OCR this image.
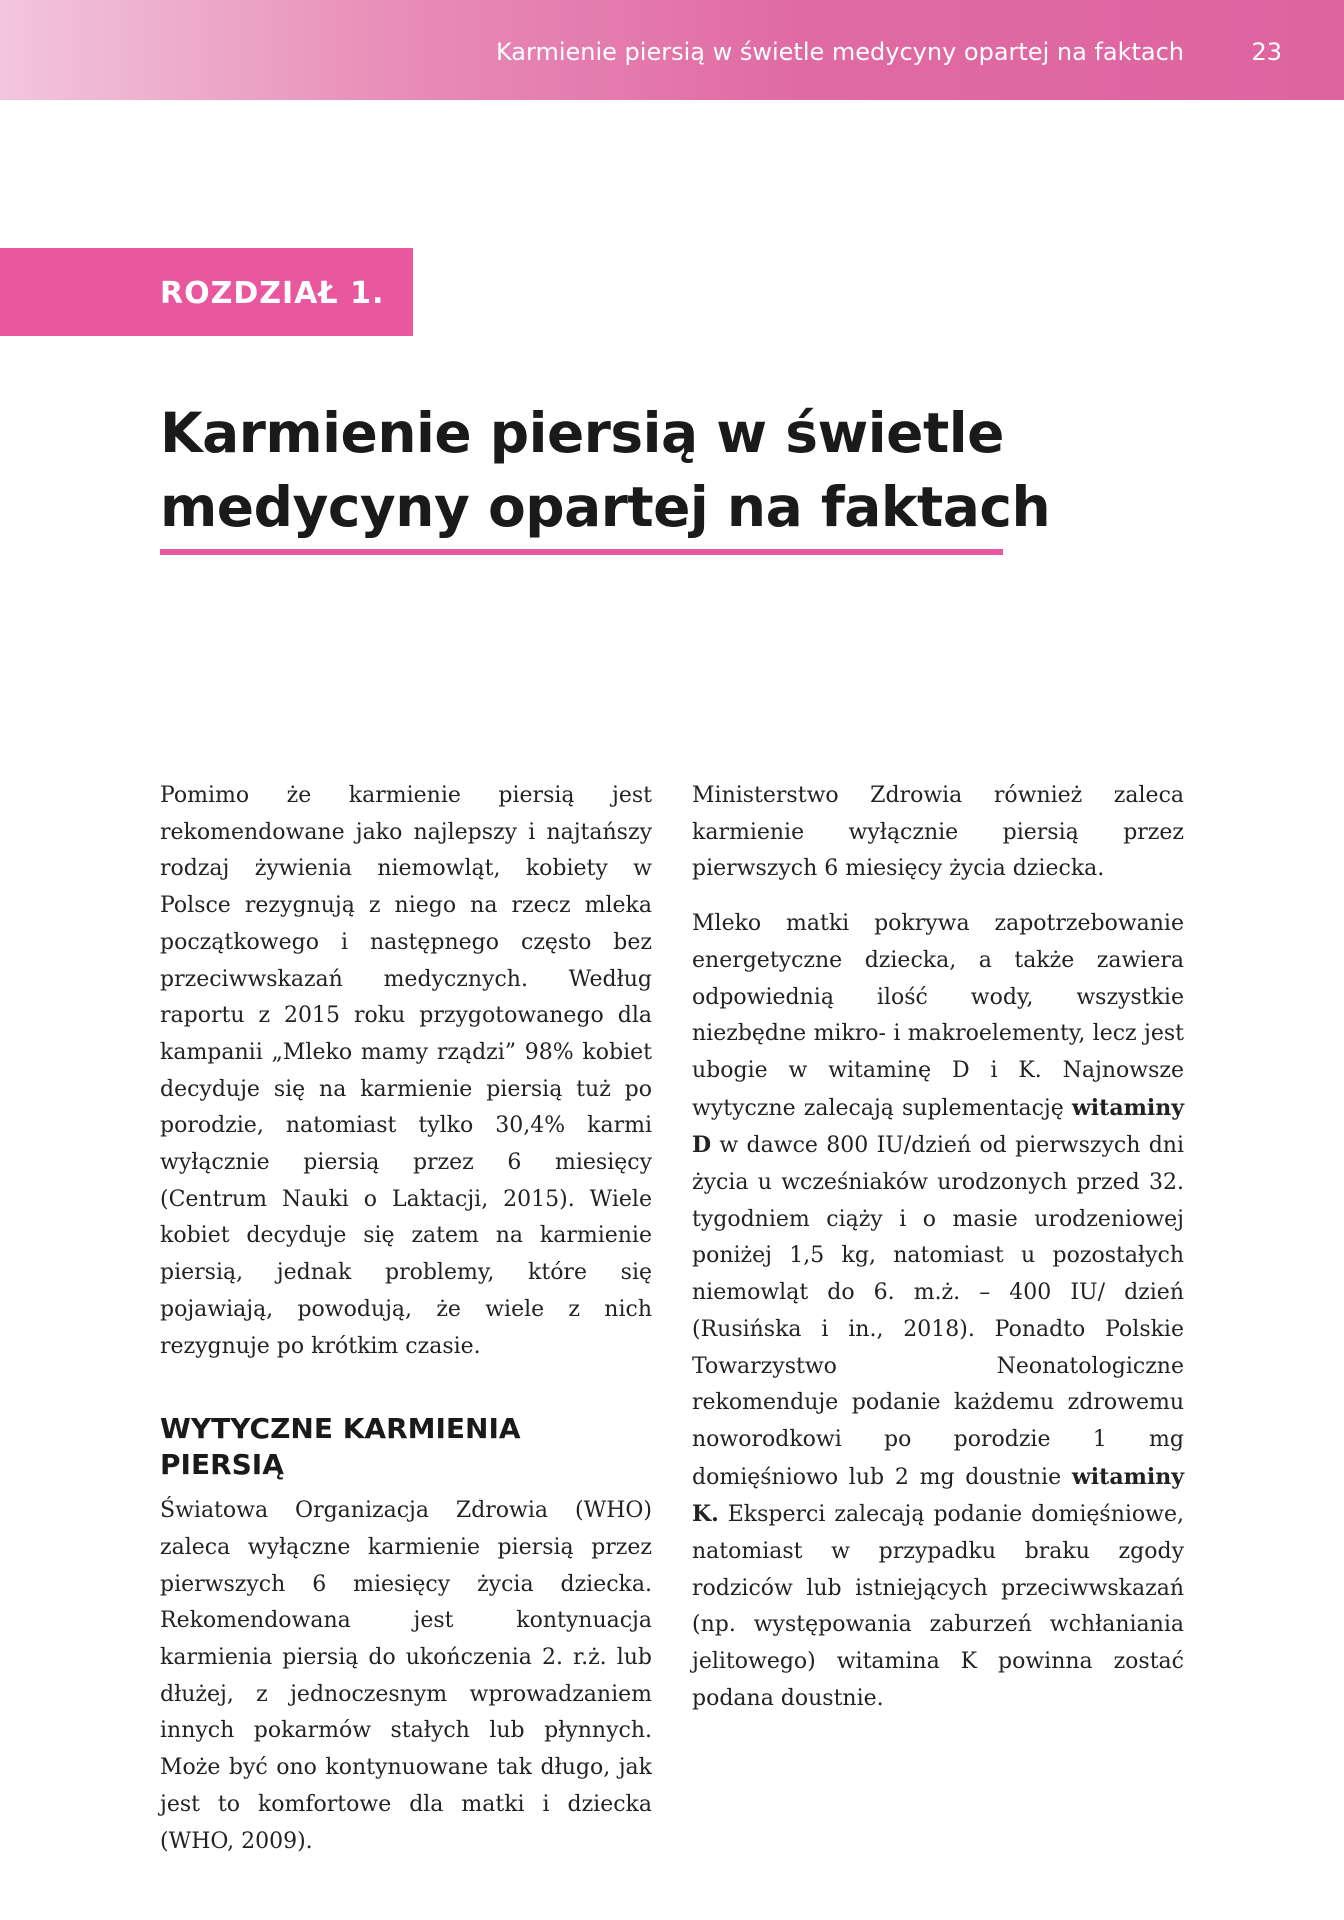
Karmienie piersią w świetle medycyny opartej na faktach	23
ROZDZIAŁ 1.
Karmienie piersią w świetle medycyny opartej na faktach

Pomimo że karmienie piersią jest rekomendowane jako najlepszy i najtańszy rodzaj żywienia niemowląt, kobiety w Polsce rezygnują z niego na rzecz mleka początkowego i następnego często bez przeciwwskazań medycznych. Według raportu z 2015 roku przygotowanego dla kampanii „Mleko mamy rządzi” 98% kobiet decyduje się na karmienie piersią tuż po porodzie, natomiast tylko 30,4% karmi wyłącznie piersią przez 6 miesięcy (Centrum Nauki o Laktacji, 2015). Wiele kobiet decyduje się zatem na karmienie piersią, jednak problemy, które się pojawiają, powodują, że wiele z nich rezygnuje po krótkim czasie.

WYTYCZNE KARMIENIA PIERSIĄ

Światowa Organizacja Zdrowia (WHO) zaleca wyłączne karmienie piersią przez pierwszych 6 miesięcy życia dziecka. Rekomendowana jest kontynuacja karmienia piersią do ukończenia 2. r.ż. lub dłużej, z jednoczesnym wprowadzaniem innych pokarmów stałych lub płynnych. Może być ono kontynuowane tak długo, jak jest to komfortowe dla matki i dziecka (WHO, 2009).

Ministerstwo Zdrowia również zaleca karmienie wyłącznie piersią przez pierwszych 6 miesięcy życia dziecka.

Mleko matki pokrywa zapotrzebowanie energetyczne dziecka, a także zawiera odpowiednią ilość wody, wszystkie niezbędne mikro- i makroelementy, lecz jest ubogie w witaminę D i K. Najnowsze wytyczne zalecają suplementację witaminy D w dawce 800 IU/dzień od pierwszych dni życia u wcześniaków urodzonych przed 32. tygodniem ciąży i o masie urodzeniowej poniżej 1,5 kg, natomiast u pozostałych niemowląt do 6. m.ż. – 400 IU/ dzień (Rusińska i in., 2018). Ponadto Polskie Towarzystwo Neonatologiczne rekomenduje podanie każdemu zdrowemu noworodkowi po porodzie 1 mg domięśniowo lub 2 mg doustnie witaminy K. Eksperci zalecają podanie domięśniowe, natomiast w przypadku braku zgody rodziców lub istniejących przeciwwskazań (np. występowania zaburzeń wchłaniania jelitowego) witamina K powinna zostać podana doustnie.
